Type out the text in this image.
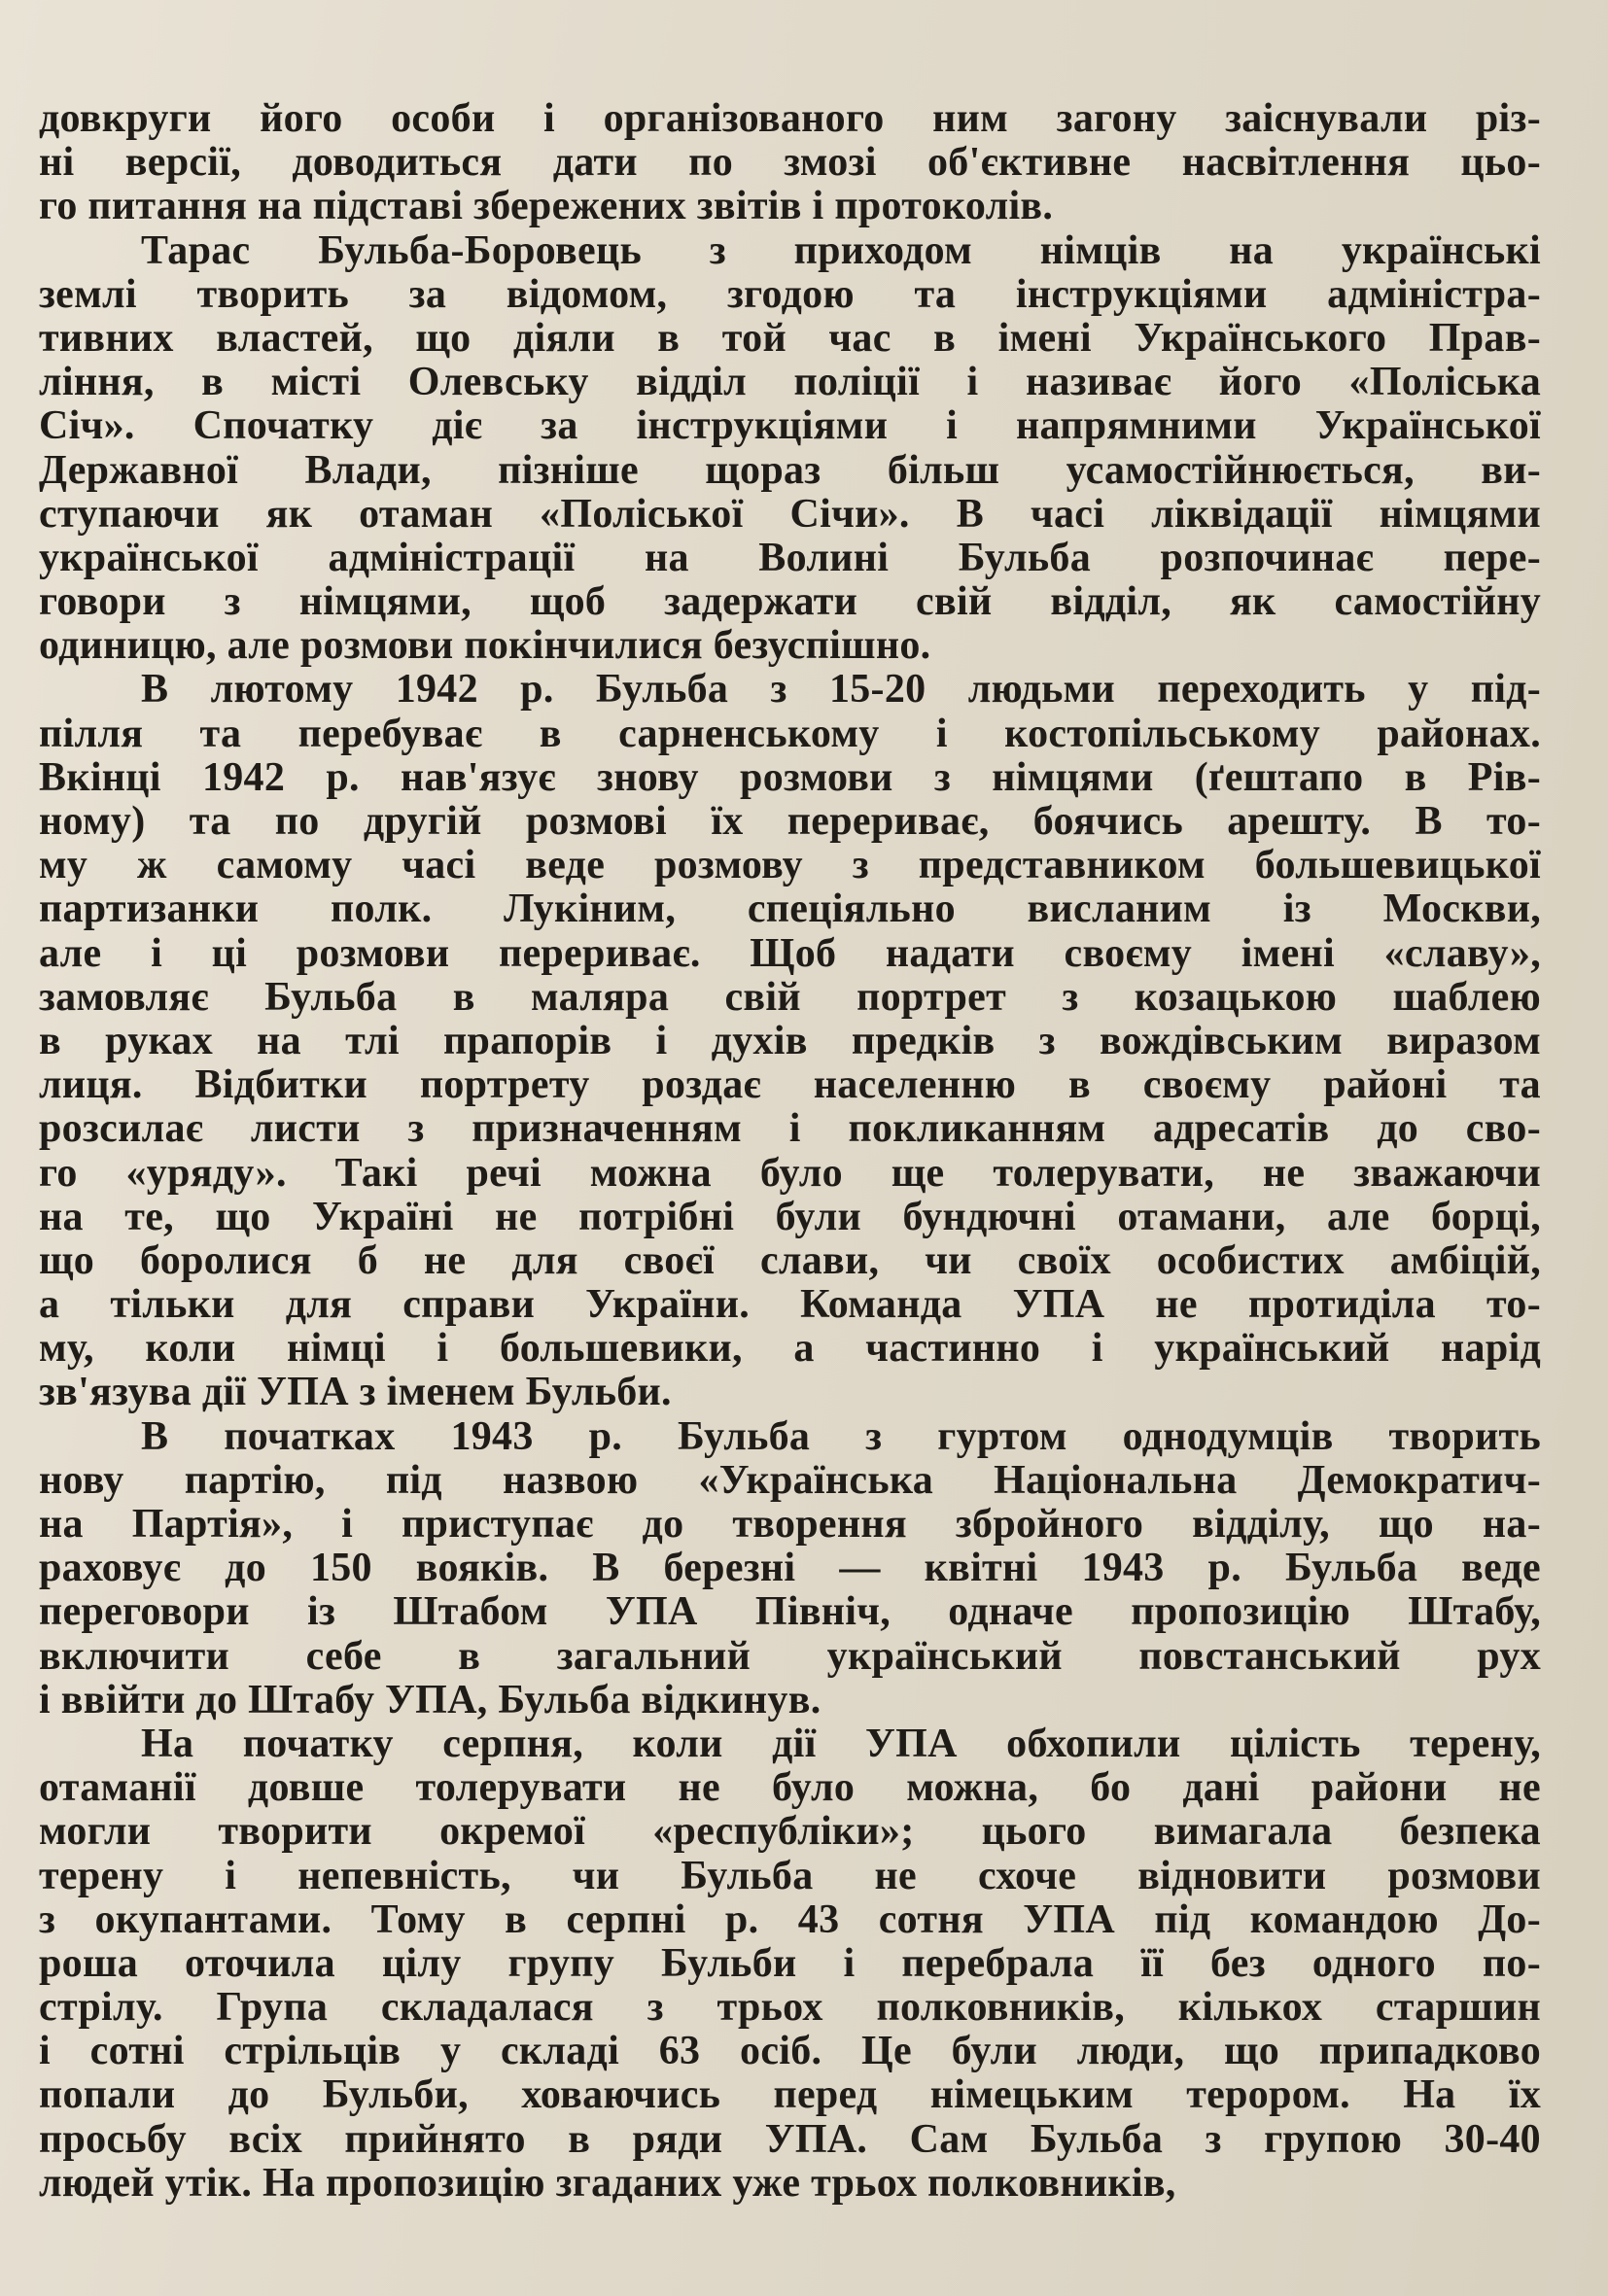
довкруги його особи і організованого ним загону заіснували різ-
ні версії, доводиться дати по змозі об'єктивне насвітлення цьо-
го питання на підставі збережених звітів і протоколів.
Тарас Бульба-Боровець з приходом німців на українські
землі творить за відомом, згодою та інструкціями адміністра-
тивних властей, що діяли в той час в імені Українського Прав-
ління, в місті Олевську відділ поліції і називає його «Поліська
Січ». Спочатку діє за інструкціями і напрямними Української
Державної Влади, пізніше щораз більш усамостійнюється, ви-
ступаючи як отаман «Поліської Січи». В часі ліквідації німцями
української адміністрації на Волині Бульба розпочинає пере-
говори з німцями, щоб задержати свій відділ, як самостійну
одиницю, але розмови покінчилися безуспішно.
В лютому 1942 р. Бульба з 15-20 людьми переходить у під-
пілля та перебуває в сарненському і костопільському районах.
Вкінці 1942 р. нав'язує знову розмови з німцями (ґештапо в Рів-
ному) та по другій розмові їх перериває, боячись арешту. В то-
му ж самому часі веде розмову з представником большевицької
партизанки полк. Лукіним, спеціяльно висланим із Москви,
але і ці розмови перериває. Щоб надати своєму імені «славу»,
замовляє Бульба в маляра свій портрет з козацькою шаблею
в руках на тлі прапорів і духів предків з вождівським виразом
лиця. Відбитки портрету роздає населенню в своєму районі та
розсилає листи з призначенням і покликанням адресатів до сво-
го «уряду». Такі речі можна було ще толерувати, не зважаючи
на те, що Україні не потрібні були бундючні отамани, але борці,
що боролися б не для своєї слави, чи своїх особистих амбіцій,
а тільки для справи України. Команда УПА не протиділа то-
му, коли німці і большевики, а частинно і український нарід
зв'язува дії УПА з іменем Бульби.
В початках 1943 р. Бульба з гуртом однодумців творить
нову партію, під назвою «Українська Національна Демократич-
на Партія», і приступає до творення збройного відділу, що на-
раховує до 150 вояків. В березні — квітні 1943 р. Бульба веде
переговори із Штабом УПА Північ, одначе пропозицію Штабу,
включити себе в загальний український повстанський рух
і ввійти до Штабу УПА, Бульба відкинув.
На початку серпня, коли дії УПА обхопили цілість терену,
отаманії довше толерувати не було можна, бо дані райони не
могли творити окремої «республіки»; цього вимагала безпека
терену і непевність, чи Бульба не схоче відновити розмови
з окупантами. Тому в серпні р. 43 сотня УПА під командою До-
роша оточила цілу групу Бульби і перебрала її без одного по-
стрілу. Група складалася з трьох полковників, кількох старшин
і сотні стрільців у складі 63 осіб. Це були люди, що припадково
попали до Бульби, ховаючись перед німецьким терором. На їх
просьбу всіх прийнято в ряди УПА. Сам Бульба з групою 30-40
людей утік. На пропозицію згаданих уже трьох полковників,
